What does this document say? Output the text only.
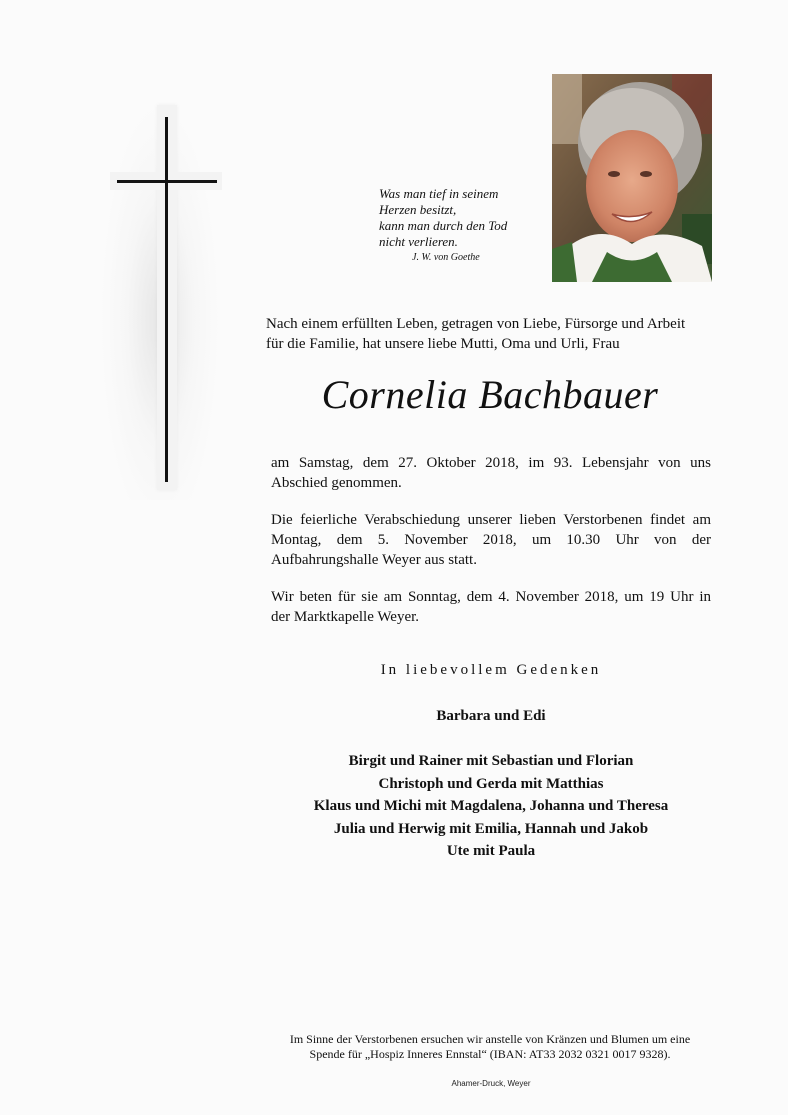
Was man tief in seinem
Herzen besitzt,
kann man durch den Tod
nicht verlieren.
J. W. von Goethe
Nach einem erfüllten Leben, getragen von Liebe, Fürsorge und Arbeit
für die Familie, hat unsere liebe Mutti, Oma und Urli, Frau
Cornelia Bachbauer
am Samstag, dem 27. Oktober 2018, im 93. Lebensjahr von uns
Abschied genommen.
Die feierliche Verabschiedung unserer lieben Verstorbenen findet am
Montag, dem 5. November 2018, um 10.30 Uhr von der
Aufbahrungshalle Weyer aus statt.
Wir beten für sie am Sonntag, dem 4. November 2018, um 19 Uhr in
der Marktkapelle Weyer.
In liebevollem Gedenken
Barbara und Edi
Birgit und Rainer mit Sebastian und Florian
Christoph und Gerda mit Matthias
Klaus und Michi mit Magdalena, Johanna und Theresa
Julia und Herwig mit Emilia, Hannah und Jakob
Ute mit Paula
Im Sinne der Verstorbenen ersuchen wir anstelle von Kränzen und Blumen um eine
Spende für „Hospiz Inneres Ennstal“ (IBAN: AT33 2032 0321 0017 9328).
Ahamer-Druck, Weyer
